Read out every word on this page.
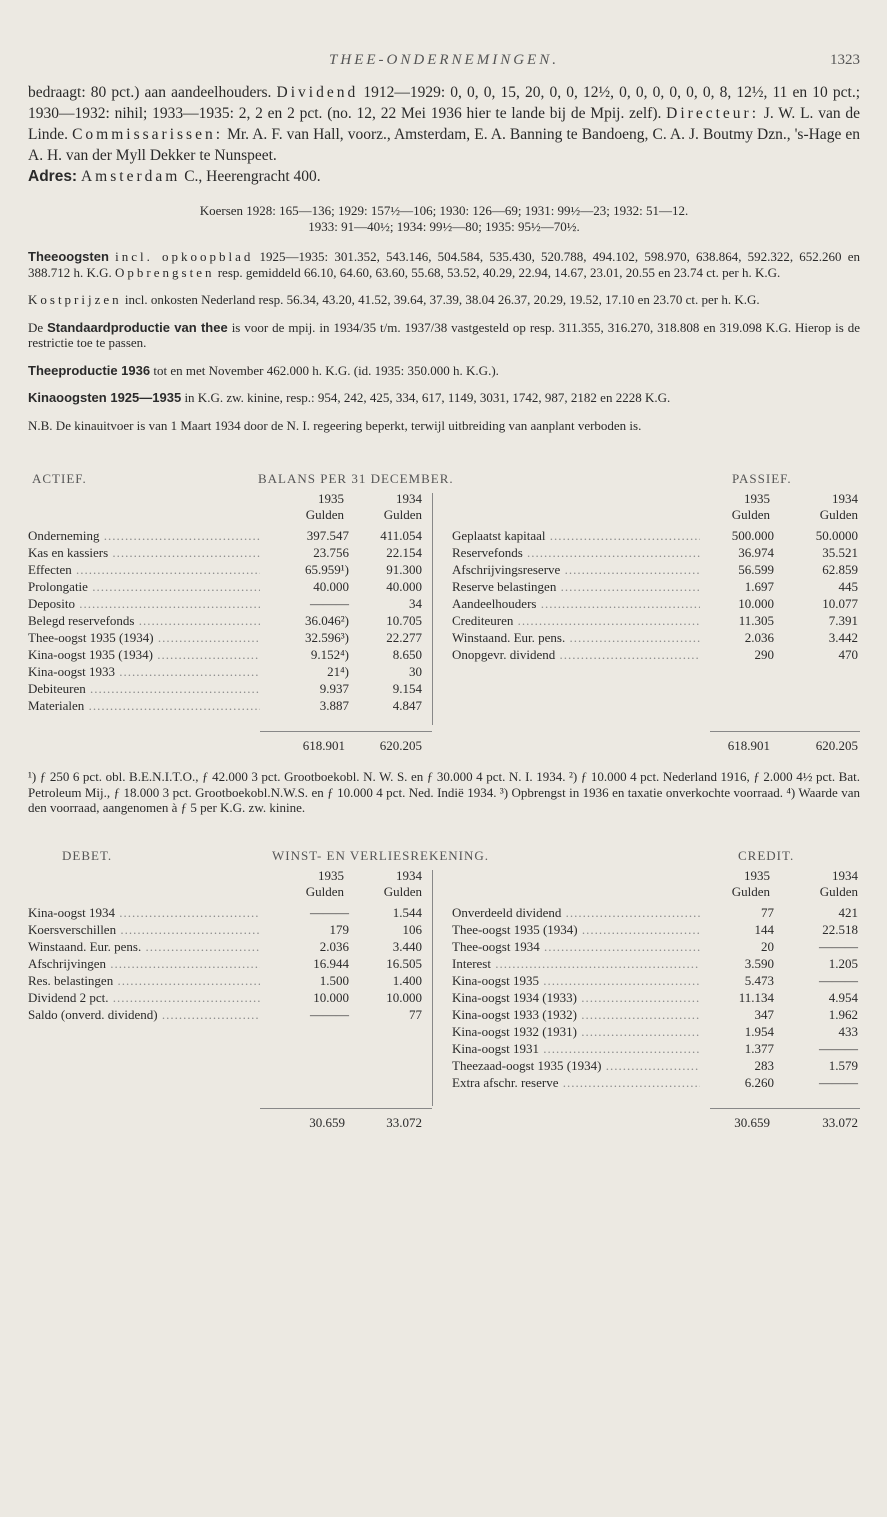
THEE-ONDERNEMINGEN.	1323

bedraagt: 80 pct.) aan aandeelhouders. Dividend 1912—1929: 0, 0, 0, 15, 20, 0, 0, 12½, 0, 0, 0, 0, 0, 0, 8, 12½, 11 en 10 pct.; 1930—1932: nihil; 1933—1935: 2, 2 en 2 pct. (no. 12, 22 Mei 1936 hier te lande bij de Mpij. zelf). Directeur: J. W. L. van de Linde. Commissarissen: Mr. A. F. van Hall, voorz., Amsterdam, E. A. Banning te Bandoeng, C. A. J. Boutmy Dzn., 's-Hage en A. H. van der Myll Dekker te Nunspeet.

Adres: Amsterdam C., Heerengracht 400.

Koersen 1928: 165—136; 1929: 157½—106; 1930: 126—69; 1931: 99½—23; 1932: 51—12.
1933: 91—40½; 1934: 99½—80; 1935: 95½—70½.

Theeoogsten incl. opkoopblad 1925—1935: 301.352, 543.146, 504.584, 535.430, 520.788, 494.102, 598.970, 638.864, 592.322, 652.260 en 388.712 h. K.G. Opbrengsten resp. gemiddeld 66.10, 64.60, 63.60, 55.68, 53.52, 40.29, 22.94, 14.67, 23.01, 20.55 en 23.74 ct. per h. K.G.

Kostprijzen incl. onkosten Nederland resp. 56.34, 43.20, 41.52, 39.64, 37.39, 38.04 26.37, 20.29, 19.52, 17.10 en 23.70 ct. per h. K.G.

De Standaardproductie van thee is voor de mpij. in 1934/35 t/m. 1937/38 vastgesteld op resp. 311.355, 316.270, 318.808 en 319.098 K.G. Hierop is de restrictie toe te passen.

Theeproductie 1936 tot en met November 462.000 h. K.G. (id. 1935: 350.000 h. K.G.).

Kinaoogsten 1925—1935 in K.G. zw. kinine, resp.: 954, 242, 425, 334, 617, 1149, 3031, 1742, 987, 2182 en 2228 K.G.

N.B. De kinauitvoer is van 1 Maart 1934 door de N. I. regeering beperkt, terwijl uitbreiding van aanplant verboden is.

ACTIEF.	BALANS PER 31 DECEMBER.	PASSIEF.
1935
Gulden
1934
Gulden
1935
Gulden
1934
Gulden
Onderneming .....	397.547	411.054
Kas en kassiers .....	23.756	22.154
Effecten .....	65.959¹)	91.300
Prolongatie .....	40.000	40.000
Deposito .....	———	34
Belegd reservefonds .....	36.046²)	10.705
Thee-oogst 1935 (1934) .....	32.596³)	22.277
Kina-oogst 1935 (1934) .....	9.152⁴)	8.650
Kina-oogst 1933 .....	21⁴)	30
Debiteuren .....	9.937	9.154
Materialen .....	3.887	4.847
Geplaatst kapitaal .....	500.000	50.0000
Reservefonds .....	36.974	35.521
Afschrijvingsreserve .....	56.599	62.859
Reserve belastingen .....	1.697	445
Aandeelhouders .....	10.000	10.077
Crediteuren .....	11.305	7.391
Winstaand. Eur. pens. .....	2.036	3.442
Onopgevr. dividend .....	290	470
618.901	620.205	618.901	620.205

¹) ƒ 250 6 pct. obl. B.E.N.I.T.O., ƒ 42.000 3 pct. Grootboekobl. N. W. S. en ƒ 30.000 4 pct. N. I. 1934. ²) ƒ 10.000 4 pct. Nederland 1916, ƒ 2.000 4½ pct. Bat. Petroleum Mij., ƒ 18.000 3 pct. Grootboekobl.N.W.S. en ƒ 10.000 4 pct. Ned. Indië 1934. ³) Opbrengst in 1936 en taxatie onverkochte voorraad. ⁴) Waarde van den voorraad, aangenomen à ƒ 5 per K.G. zw. kinine.

DEBET.	WINST- EN VERLIESREKENING.	CREDIT.
1935
Gulden
1934
Gulden
1935
Gulden
1934
Gulden
Kina-oogst 1934 .....	———	1.544
Koersverschillen .....	179	106
Winstaand. Eur. pens. .....	2.036	3.440
Afschrijvingen .....	16.944	16.505
Res. belastingen .....	1.500	1.400
Dividend 2 pct. .....	10.000	10.000
Saldo (onverd. dividend) .....	———	77
Onverdeeld dividend .....	77	421
Thee-oogst 1935 (1934) .....	144	22.518
Thee-oogst 1934 .....	20	———
Interest .....	3.590	1.205
Kina-oogst 1935 .....	5.473	———
Kina-oogst 1934 (1933) .....	11.134	4.954
Kina-oogst 1933 (1932) .....	347	1.962
Kina-oogst 1932 (1931) .....	1.954	433
Kina-oogst 1931 .....	1.377	———
Theezaad-oogst 1935 (1934) .....	283	1.579
Extra afschr. reserve .....	6.260	———
30.659	33.072	30.659	33.072
